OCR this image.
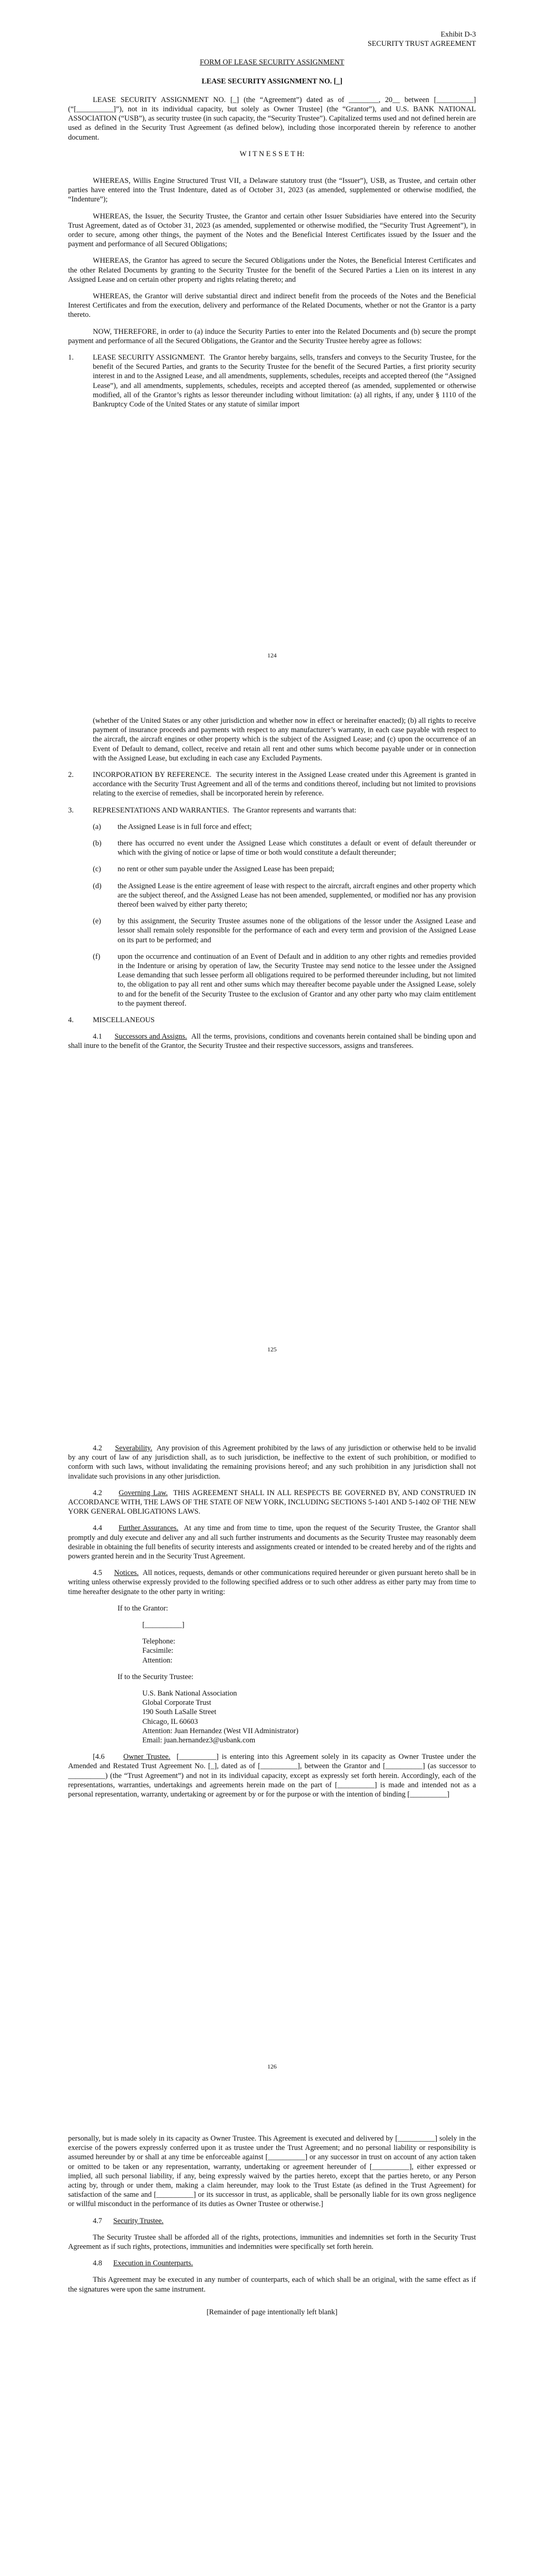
Exhibit D-3

SECURITY TRUST AGREEMENT

FORM OF LEASE SECURITY ASSIGNMENT

LEASE SECURITY ASSIGNMENT NO. [_]

LEASE SECURITY ASSIGNMENT NO. [_] (the “Agreement”) dated as of ________, 20__ between [__________] (“[__________]”), not in its individual capacity, but solely as Owner Trustee] (the “Grantor”), and U.S. BANK NATIONAL ASSOCIATION (“USB”), as security trustee (in such capacity, the “Security Trustee”). Capitalized terms used and not defined herein are used as defined in the Security Trust Agreement (as defined below), including those incorporated therein by reference to another document.

W I T N E S S E T H:

WHEREAS, Willis Engine Structured Trust VII, a Delaware statutory trust (the “Issuer”), USB, as Trustee, and certain other parties have entered into the Trust Indenture, dated as of October 31, 2023 (as amended, supplemented or otherwise modified, the “Indenture”);

WHEREAS, the Issuer, the Security Trustee, the Grantor and certain other Issuer Subsidiaries have entered into the Security Trust Agreement, dated as of October 31, 2023 (as amended, supplemented or otherwise modified, the “Security Trust Agreement”), in order to secure, among other things, the payment of the Notes and the Beneficial Interest Certificates issued by the Issuer and the payment and performance of all Secured Obligations;

WHEREAS, the Grantor has agreed to secure the Secured Obligations under the Notes, the Beneficial Interest Certificates and the other Related Documents by granting to the Security Trustee for the benefit of the Secured Parties a Lien on its interest in any Assigned Lease and on certain other property and rights relating thereto; and

WHEREAS, the Grantor will derive substantial direct and indirect benefit from the proceeds of the Notes and the Beneficial Interest Certificates and from the execution, delivery and performance of the Related Documents, whether or not the Grantor is a party thereto.

NOW, THEREFORE, in order to (a) induce the Security Parties to enter into the Related Documents and (b) secure the prompt payment and performance of all the Secured Obligations, the Grantor and the Security Trustee hereby agree as follows:

1.	LEASE SECURITY ASSIGNMENT. The Grantor hereby bargains, sells, transfers and conveys to the Security Trustee, for the benefit of the Secured Parties, and grants to the Security Trustee for the benefit of the Secured Parties, a first priority security interest in and to the Assigned Lease, and all amendments, supplements, schedules, receipts and accepted thereof (the “Assigned Lease”), and all amendments, supplements, schedules, receipts and accepted thereof (as amended, supplemented or otherwise modified, all of the Grantor’s rights as lessor thereunder including without limitation: (a) all rights, if any, under § 1110 of the Bankruptcy Code of the United States or any statute of similar import
124

(whether of the United States or any other jurisdiction and whether now in effect or hereinafter enacted); (b) all rights to receive payment of insurance proceeds and payments with respect to any manufacturer’s warranty, in each case payable with respect to the aircraft, the aircraft engines or other property which is the subject of the Assigned Lease; and (c) upon the occurrence of an Event of Default to demand, collect, receive and retain all rent and other sums which become payable under or in connection with the Assigned Lease, but excluding in each case any Excluded Payments.

2.	INCORPORATION BY REFERENCE. The security interest in the Assigned Lease created under this Agreement is granted in accordance with the Security Trust Agreement and all of the terms and conditions thereof, including but not limited to provisions relating to the exercise of remedies, shall be incorporated herein by reference.
3.	REPRESENTATIONS AND WARRANTIES. The Grantor represents and warrants that:
(a)	the Assigned Lease is in full force and effect;
(b)	there has occurred no event under the Assigned Lease which constitutes a default or event of default thereunder or which with the giving of notice or lapse of time or both would constitute a default thereunder;
(c)	no rent or other sum payable under the Assigned Lease has been prepaid;
(d)	the Assigned Lease is the entire agreement of lease with respect to the aircraft, aircraft engines and other property which are the subject thereof, and the Assigned Lease has not been amended, supplemented, or modified nor has any provision thereof been waived by either party thereto;
(e)	by this assignment, the Security Trustee assumes none of the obligations of the lessor under the Assigned Lease and lessor shall remain solely responsible for the performance of each and every term and provision of the Assigned Lease on its part to be performed; and
(f)	upon the occurrence and continuation of an Event of Default and in addition to any other rights and remedies provided in the Indenture or arising by operation of law, the Security Trustee may send notice to the lessee under the Assigned Lease demanding that such lessee perform all obligations required to be performed thereunder including, but not limited to, the obligation to pay all rent and other sums which may thereafter become payable under the Assigned Lease, solely to and for the benefit of the Security Trustee to the exclusion of Grantor and any other party who may claim entitlement to the payment thereof.
4.	MISCELLANEOUS

4.1 Successors and Assigns. All the terms, provisions, conditions and covenants herein contained shall be binding upon and shall inure to the benefit of the Grantor, the Security Trustee and their respective successors, assigns and transferees.

125

4.2 Severability. Any provision of this Agreement prohibited by the laws of any jurisdiction or otherwise held to be invalid by any court of law of any jurisdiction shall, as to such jurisdiction, be ineffective to the extent of such prohibition, or modified to conform with such laws, without invalidating the remaining provisions hereof; and any such prohibition in any jurisdiction shall not invalidate such provisions in any other jurisdiction.

4.2 Governing Law. THIS AGREEMENT SHALL IN ALL RESPECTS BE GOVERNED BY, AND CONSTRUED IN ACCORDANCE WITH, THE LAWS OF THE STATE OF NEW YORK, INCLUDING SECTIONS 5-1401 AND 5-1402 OF THE NEW YORK GENERAL OBLIGATIONS LAWS.

4.4 Further Assurances. At any time and from time to time, upon the request of the Security Trustee, the Grantor shall promptly and duly execute and deliver any and all such further instruments and documents as the Security Trustee may reasonably deem desirable in obtaining the full benefits of security interests and assignments created or intended to be created hereby and of the rights and powers granted herein and in the Security Trust Agreement.

4.5 Notices. All notices, requests, demands or other communications required hereunder or given pursuant hereto shall be in writing unless otherwise expressly provided to the following specified address or to such other address as either party may from time to time hereafter designate to the other party in writing:

If to the Grantor:

[__________]

Telephone:

Facsimile:

Attention:

If to the Security Trustee:

U.S. Bank National Association

Global Corporate Trust

190 South LaSalle Street

Chicago, IL 60603

Attention: Juan Hernandez (West VII Administrator)

Email: juan.hernandez3@usbank.com

[4.6	Owner Trustee. [__________] is entering into this Agreement solely in its capacity as Owner Trustee under the Amended and Restated Trust Agreement No. [_], dated as of [__________], between the Grantor and [__________] (as successor to __________) (the “Trust Agreement”) and not in its individual capacity, except as expressly set forth herein. Accordingly, each of the representations, warranties, undertakings and agreements herein made on the part of [__________] is made and intended not as a personal representation, warranty, undertaking or agreement by or for the purpose or with the intention of binding [__________]

126

personally, but is made solely in its capacity as Owner Trustee. This Agreement is executed and delivered by [__________] solely in the exercise of the powers expressly conferred upon it as trustee under the Trust Agreement; and no personal liability or responsibility is assumed hereunder by or shall at any time be enforceable against [__________] or any successor in trust on account of any action taken or omitted to be taken or any representation, warranty, undertaking or agreement hereunder of [__________], either expressed or implied, all such personal liability, if any, being expressly waived by the parties hereto, except that the parties hereto, or any Person acting by, through or under them, making a claim hereunder, may look to the Trust Estate (as defined in the Trust Agreement) for satisfaction of the same and [__________] or its successor in trust, as applicable, shall be personally liable for its own gross negligence or willful misconduct in the performance of its duties as Owner Trustee or otherwise.]

4.7 Security Trustee.

The Security Trustee shall be afforded all of the rights, protections, immunities and indemnities set forth in the Security Trust Agreement as if such rights, protections, immunities and indemnities were specifically set forth herein.

4.8 Execution in Counterparts.

This Agreement may be executed in any number of counterparts, each of which shall be an original, with the same effect as if the signatures were upon the same instrument.

[Remainder of page intentionally left blank]
